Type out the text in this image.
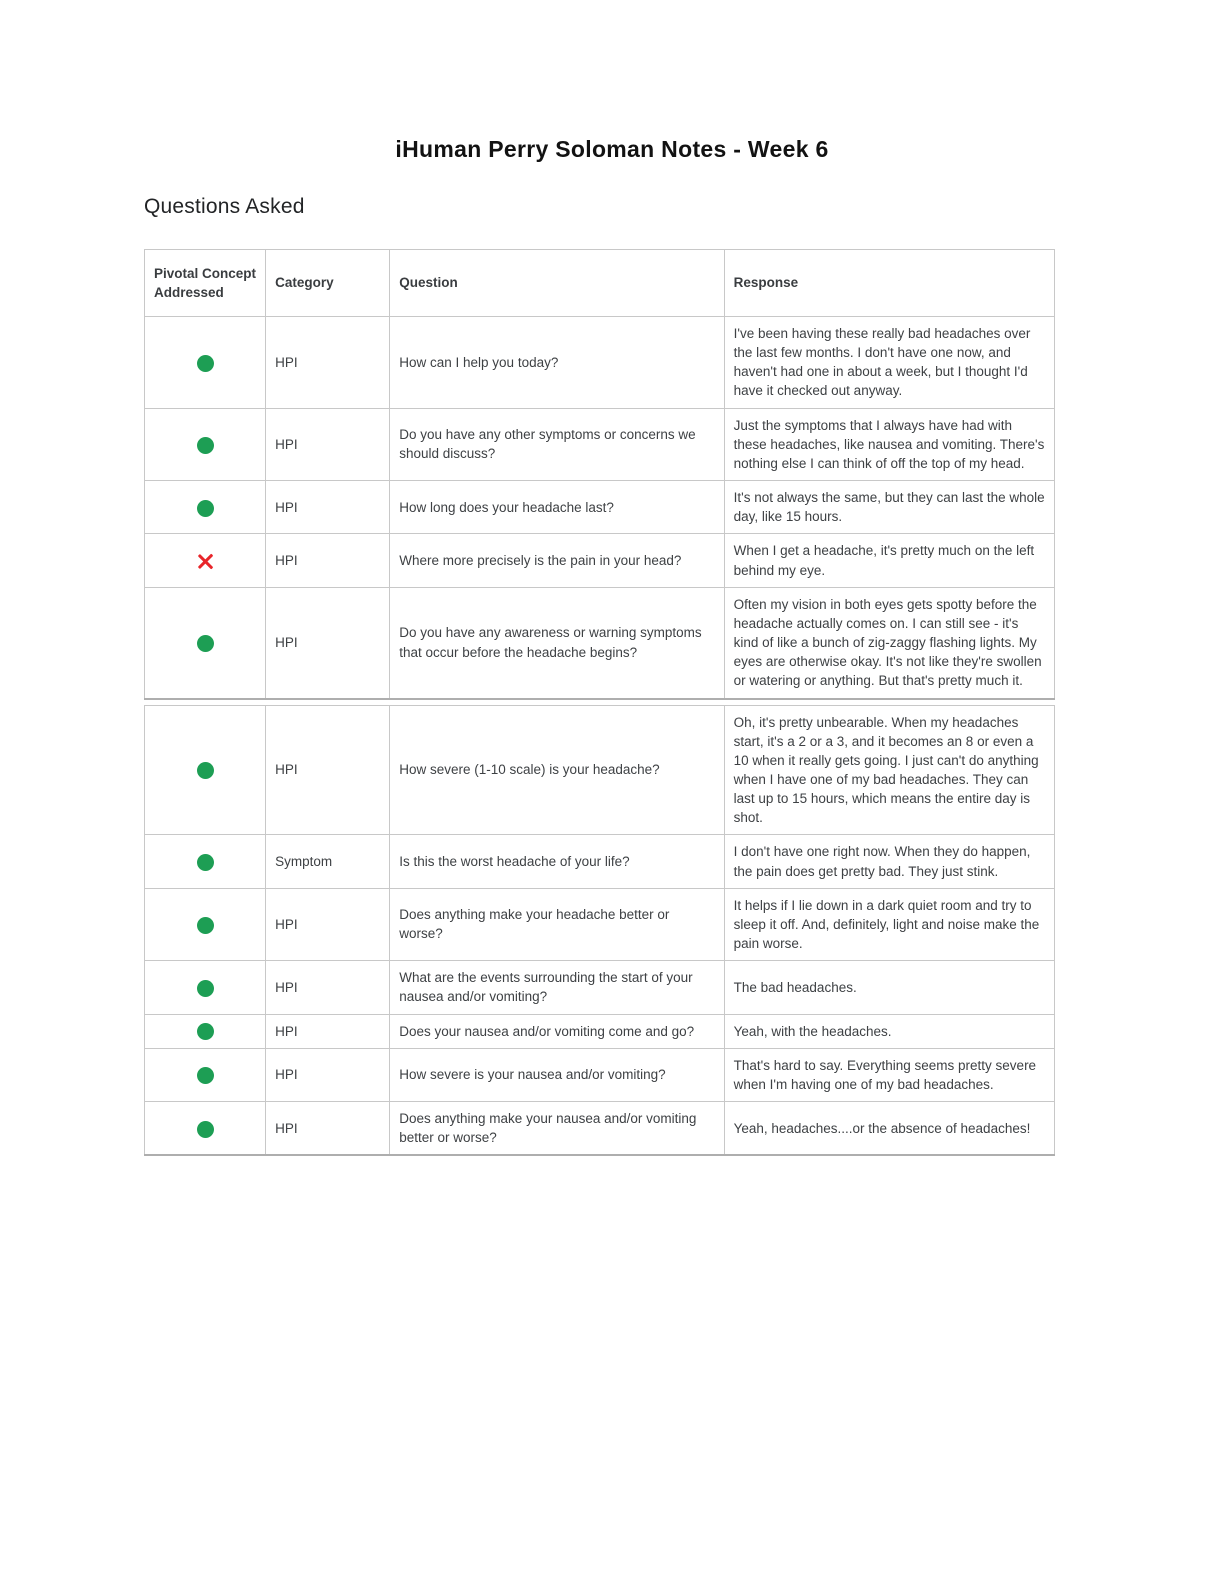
iHuman Perry Soloman Notes - Week 6
Questions Asked
Pivotal Concept Addressed	Category	Question	Response
	HPI	How can I help you today?	I've been having these really bad headaches over the last few months. I don't have one now, and haven't had one in about a week, but I thought I'd have it checked out anyway.
	HPI	Do you have any other symptoms or concerns we should discuss?	Just the symptoms that I always have had with these headaches, like nausea and vomiting. There's nothing else I can think of off the top of my head.
	HPI	How long does your headache last?	It's not always the same, but they can last the whole day, like 15 hours.
	HPI	Where more precisely is the pain in your head?	When I get a headache, it's pretty much on the left behind my eye.
	HPI	Do you have any awareness or warning symptoms that occur before the headache begins?	Often my vision in both eyes gets spotty before the headache actually comes on. I can still see - it's kind of like a bunch of zig-zaggy flashing lights. My eyes are otherwise okay. It's not like they're swollen or watering or anything. But that's pretty much it.
	HPI	How severe (1-10 scale) is your headache?	Oh, it's pretty unbearable. When my headaches start, it's a 2 or a 3, and it becomes an 8 or even a 10 when it really gets going. I just can't do anything when I have one of my bad headaches. They can last up to 15 hours, which means the entire day is shot.
	Symptom	Is this the worst headache of your life?	I don't have one right now. When they do happen, the pain does get pretty bad. They just stink.
	HPI	Does anything make your headache better or worse?	It helps if I lie down in a dark quiet room and try to sleep it off. And, definitely, light and noise make the pain worse.
	HPI	What are the events surrounding the start of your nausea and/or vomiting?	The bad headaches.
	HPI	Does your nausea and/or vomiting come and go?	Yeah, with the headaches.
	HPI	How severe is your nausea and/or vomiting?	That's hard to say. Everything seems pretty severe when I'm having one of my bad headaches.
	HPI	Does anything make your nausea and/or vomiting better or worse?	Yeah, headaches....or the absence of headaches!
